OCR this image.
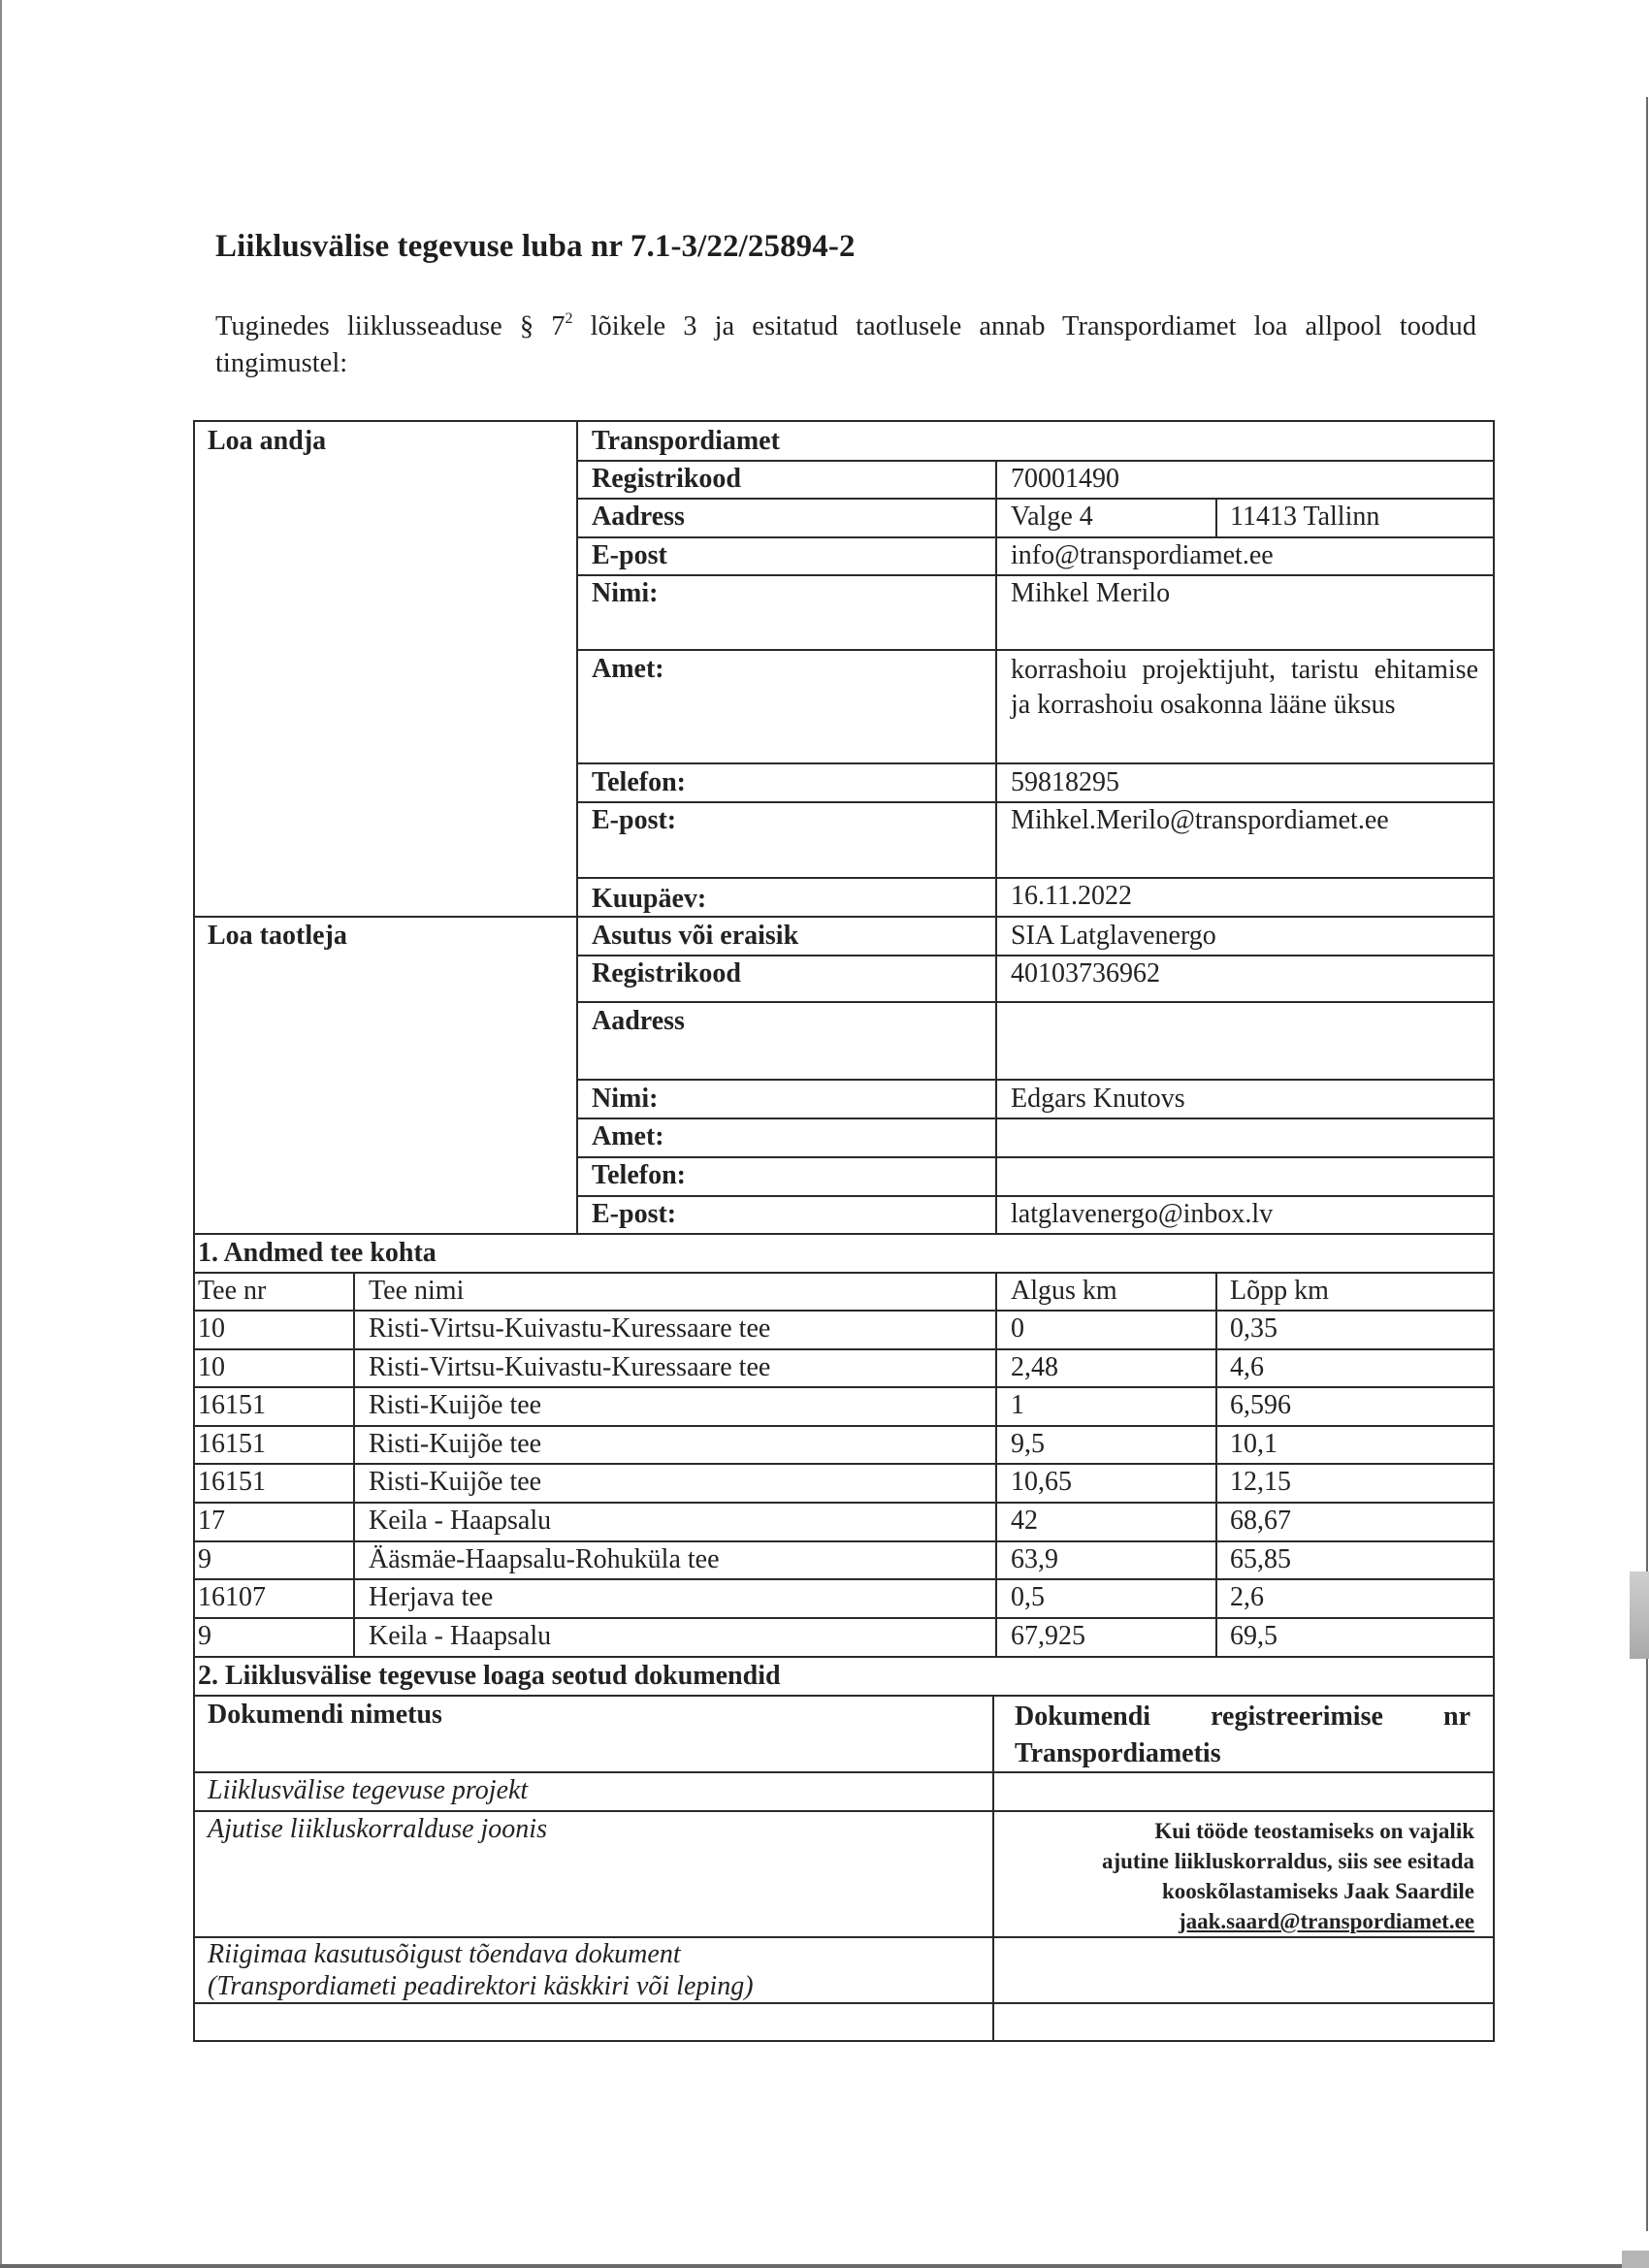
Liiklusvälise tegevuse luba nr 7.1-3/22/25894-2
Tuginedes liiklusseaduse § $7^2$ lõikele 3 ja esitatud taotlusele annab Transpordiamet loa allpool toodud tingimustel:
Loa andja	Transpordiamet
Registrikood	70001490
Aadress	Valge 4	11413 Tallinn
E-post	info@transpordiamet.ee
Nimi:	Mihkel Merilo
Amet:	korrashoiu projektijuht, taristu ehitamise ja korrashoiu osakonna lääne üksus
Telefon:	59818295
E-post:	Mihkel.Merilo@transpordiamet.ee
Kuupäev:	16.11.2022
Loa taotleja	Asutus või eraisik	SIA Latglavenergo
Registrikood	40103736962
Aadress
Nimi:	Edgars Knutovs
Amet:
Telefon:
E-post:	latglavenergo@inbox.lv
1. Andmed tee kohta
Tee nr	Tee nimi	Algus km	Lõpp km
10	Risti-Virtsu-Kuivastu-Kuressaare tee	0	0,35
10	Risti-Virtsu-Kuivastu-Kuressaare tee	2,48	4,6
16151	Risti-Kuijõe tee	1	6,596
16151	Risti-Kuijõe tee	9,5	10,1
16151	Risti-Kuijõe tee	10,65	12,15
17	Keila - Haapsalu	42	68,67
9	Ääsmäe-Haapsalu-Rohuküla tee	63,9	65,85
16107	Herjava tee	0,5	2,6
9	Keila - Haapsalu	67,925	69,5
2. Liiklusvälise tegevuse loaga seotud dokumendid
Dokumendi nimetus	Dokumendi registreerimise nr Transpordiametis
Liiklusvälise tegevuse projekt
Ajutise liikluskorralduse joonis	Kui tööde teostamiseks on vajalik
ajutine liikluskorraldus, siis see esitada
kooskõlastamiseks Jaak Saardile
jaak.saard@transpordiamet.ee
Riigimaa kasutusõigust tõendava dokument
(Transpordiameti peadirektori käskkiri või leping)
